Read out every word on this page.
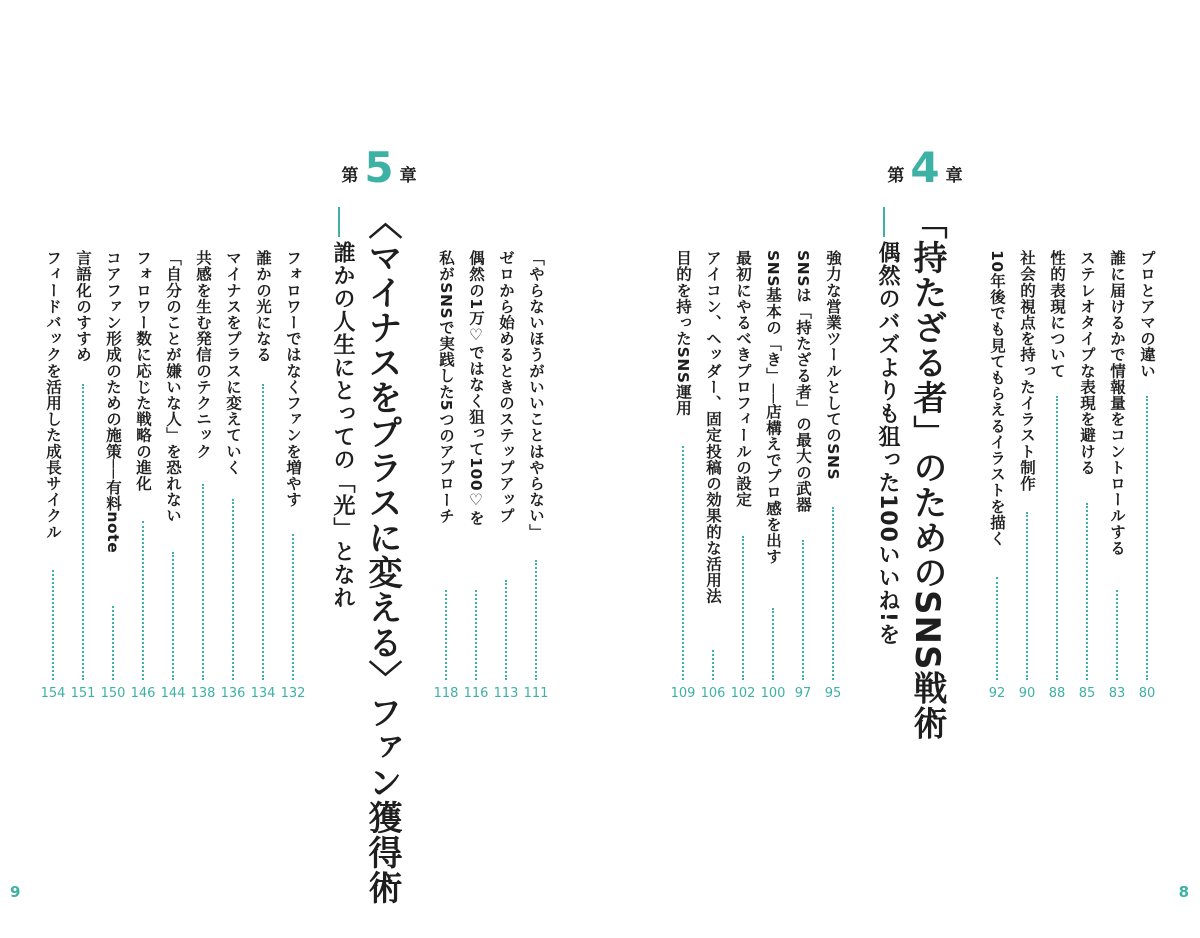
第 4 章
「持たざる者」のためのSNS戦術
偶然のバズよりも狙った100いいね!を	プロとアマの違い
80
誰に届けるかで情報量をコントロールする
83
ステレオタイプな表現を避ける
85
性的表現について
88
社会的視点を持ったイラスト制作
90
10年後でも見てもらえるイラストを描く
92
強力な営業ツールとしてのSNS
95
SNSは「持たざる者」の最大の武器
97
SNS基本の「き」──店構えでプロ感を出す
100
最初にやるべきプロフィールの設定
102
アイコン、ヘッダー、固定投稿の効果的な活用法
106
目的を持ったSNS運用
109
第 5 章
〈マイナスをプラスに変える〉ファン獲得術
誰かの人生にとっての「光」となれ	「やらないほうがいいことはやらない」
111
ゼロから始めるときのステップアップ
113
偶然の1万♡ではなく狙って100♡を
116
私がSNSで実践した5つのアプローチ
118
フォロワーではなくファンを増やす
132
誰かの光になる
134
マイナスをプラスに変えていく
136
共感を生む発信のテクニック
138
「自分のことが嫌いな人」を恐れない
144
フォロワー数に応じた戦略の進化
146
コアファン形成のための施策──有料note
150
言語化のすすめ
151
フィードバックを活用した成長サイクル
154
9	8
